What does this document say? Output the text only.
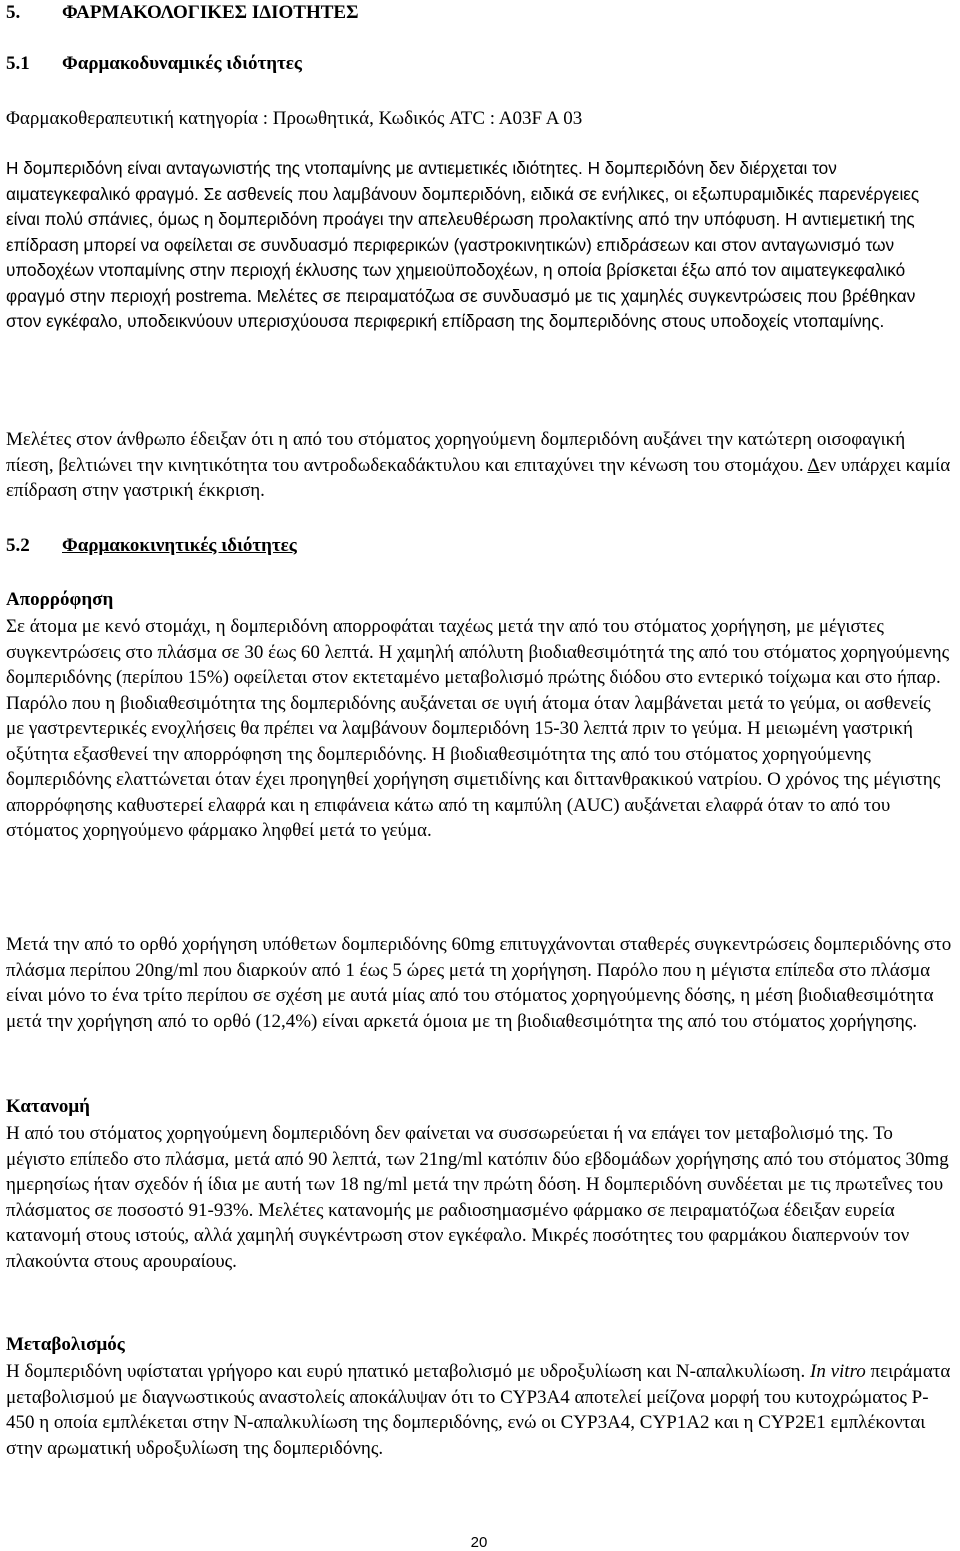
5. ΦΑΡΜΑΚΟΛΟΓΙΚΕΣ ΙΔΙΟΤΗΤΕΣ
5.1 Φαρμακοδυναμικές ιδιότητες

Φαρμακοθεραπευτική κατηγορία : Προωθητικά, Κωδικός ATC : A03F A 03

Η δομπεριδόνη είναι ανταγωνιστής της ντοπαμίνης με αντιεμετικές ιδιότητες. Η δομπεριδόνη δεν διέρχεται τον αιματεγκεφαλικό φραγμό. Σε ασθενείς που λαμβάνουν δομπεριδόνη, ειδικά σε ενήλικες, οι εξωπυραμιδικές παρενέργειες είναι πολύ σπάνιες, όμως η δομπεριδόνη προάγει την απελευθέρωση προλακτίνης από την υπόφυση. Η αντιεμετική της επίδραση μπορεί να οφείλεται σε συνδυασμό περιφερικών (γαστροκινητικών) επιδράσεων και στον ανταγωνισμό των υποδοχέων ντοπαμίνης στην περιοχή έκλυσης των χημειοϋποδοχέων, η οποία βρίσκεται έξω από τον αιματεγκεφαλικό φραγμό στην περιοχή postrema. Μελέτες σε πειραματόζωα σε συνδυασμό με τις χαμηλές συγκεντρώσεις που βρέθηκαν στον εγκέφαλο, υποδεικνύουν υπερισχύουσα περιφερική επίδραση της δομπεριδόνης στους υποδοχείς ντοπαμίνης.

Μελέτες στον άνθρωπο έδειξαν ότι η από του στόματος χορηγούμενη δομπεριδόνη αυξάνει την κατώτερη οισοφαγική πίεση, βελτιώνει την κινητικότητα του αντροδωδεκαδάκτυλου και επιταχύνει την κένωση του στομάχου. Δεν υπάρχει καμία επίδραση στην γαστρική έκκριση.

5.2 Φαρμακοκινητικές ιδιότητες
Απορρόφηση

Σε άτομα με κενό στομάχι, η δομπεριδόνη απορροφάται ταχέως μετά την από του στόματος χορήγηση, με μέγιστες συγκεντρώσεις στο πλάσμα σε 30 έως 60 λεπτά. Η χαμηλή απόλυτη βιοδιαθεσιμότητά της από του στόματος χορηγούμενης δομπεριδόνης (περίπου 15%) οφείλεται στον εκτεταμένο μεταβολισμό πρώτης διόδου στο εντερικό τοίχωμα και στο ήπαρ. Παρόλο που η βιοδιαθεσιμότητα της δομπεριδόνης αυξάνεται σε υγιή άτομα όταν λαμβάνεται μετά το γεύμα, οι ασθενείς με γαστρεντερικές ενοχλήσεις θα πρέπει να λαμβάνουν δομπεριδόνη 15-30 λεπτά πριν το γεύμα. Η μειωμένη γαστρική οξύτητα εξασθενεί την απορρόφηση της δομπεριδόνης. Η βιοδιαθεσιμότητα της από του στόματος χορηγούμενης δομπεριδόνης ελαττώνεται όταν έχει προηγηθεί χορήγηση σιμετιδίνης και διττανθρακικού νατρίου. Ο χρόνος της μέγιστης απορρόφησης καθυστερεί ελαφρά και η επιφάνεια κάτω από τη καμπύλη (AUC) αυξάνεται ελαφρά όταν το από του στόματος χορηγούμενο φάρμακο ληφθεί μετά το γεύμα.

Μετά την από το ορθό χορήγηση υπόθετων δομπεριδόνης 60mg επιτυγχάνονται σταθερές συγκεντρώσεις δομπεριδόνης στο πλάσμα περίπου 20ng/ml που διαρκούν από 1 έως 5 ώρες μετά τη χορήγηση. Παρόλο που η μέγιστα επίπεδα στο πλάσμα είναι μόνο το ένα τρίτο περίπου σε σχέση με αυτά μίας από του στόματος χορηγούμενης δόσης, η μέση βιοδιαθεσιμότητα μετά την χορήγηση από το ορθό (12,4%) είναι αρκετά όμοια με τη βιοδιαθεσιμότητα της από του στόματος χορήγησης.

Κατανομή

Η από του στόματος χορηγούμενη δομπεριδόνη δεν φαίνεται να συσσωρεύεται ή να επάγει τον μεταβολισμό της. Το μέγιστο επίπεδο στο πλάσμα, μετά από 90 λεπτά, των 21ng/ml κατόπιν δύο εβδομάδων χορήγησης από του στόματος 30mg ημερησίως ήταν σχεδόν ή ίδια με αυτή των 18 ng/ml μετά την πρώτη δόση. Η δομπεριδόνη συνδέεται με τις πρωτεΐνες του πλάσματος σε ποσοστό 91-93%. Μελέτες κατανομής με ραδιοσημασμένο φάρμακο σε πειραματόζωα έδειξαν ευρεία κατανομή στους ιστούς, αλλά χαμηλή συγκέντρωση στον εγκέφαλο. Μικρές ποσότητες του φαρμάκου διαπερνούν τον πλακούντα στους αρουραίους.

Μεταβολισμός

Η δομπεριδόνη υφίσταται γρήγορο και ευρύ ηπατικό μεταβολισμό με υδροξυλίωση και N-απαλκυλίωση. In vitro πειράματα μεταβολισμού με διαγνωστικούς αναστολείς αποκάλυψαν ότι το CYP3A4 αποτελεί μείζονα μορφή του κυτοχρώματος P-450 η οποία εμπλέκεται στην N-απαλκυλίωση της δομπεριδόνης, ενώ οι CYP3A4, CYP1A2 και η CYP2E1 εμπλέκονται στην αρωματική υδροξυλίωση της δομπεριδόνης.

20
